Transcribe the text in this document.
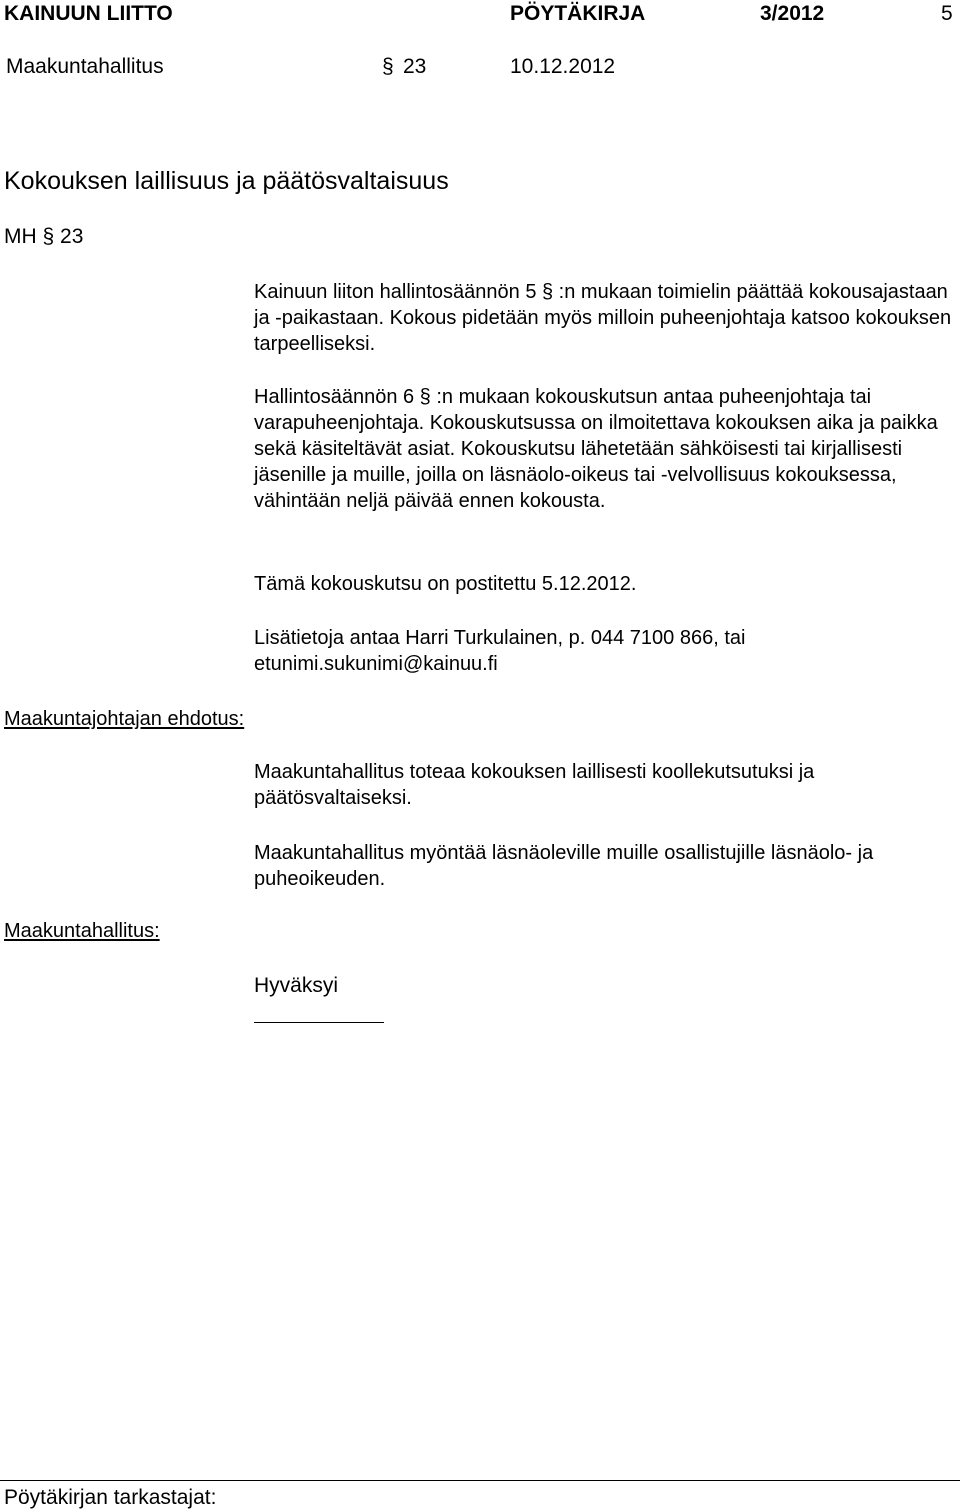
KAINUUN LIITTO	PÖYTÄKIRJA	3/2012	5
Maakuntahallitus	§ 23	10.12.2012
Kokouksen laillisuus ja päätösvaltaisuus
MH § 23
Kainuun liiton hallintosäännön 5 § :n mukaan toimielin päättää kokousajastaan ja -paikastaan. Kokous pidetään myös milloin puheenjohtaja katsoo kokouksen tarpeelliseksi.
Hallintosäännön 6 § :n mukaan kokouskutsun antaa puheenjohtaja tai varapuheenjohtaja. Kokouskutsussa on ilmoitettava kokouksen aika ja paikka sekä käsiteltävät asiat. Kokouskutsu lähetetään sähköisesti tai kirjallisesti jäsenille ja muille, joilla on läsnäolo-oikeus tai -velvollisuus kokouksessa, vähintään neljä päivää ennen kokousta.
Tämä kokouskutsu on postitettu 5.12.2012.
Lisätietoja antaa Harri Turkulainen, p. 044 7100 866, tai etunimi.sukunimi@kainuu.fi
Maakuntajohtajan ehdotus:
Maakuntahallitus toteaa kokouksen laillisesti koollekutsutuksi ja päätösvaltaiseksi.
Maakuntahallitus myöntää läsnäoleville muille osallistujille läsnäolo- ja puheoikeuden.
Maakuntahallitus:
Hyväksyi
Pöytäkirjan tarkastajat:
